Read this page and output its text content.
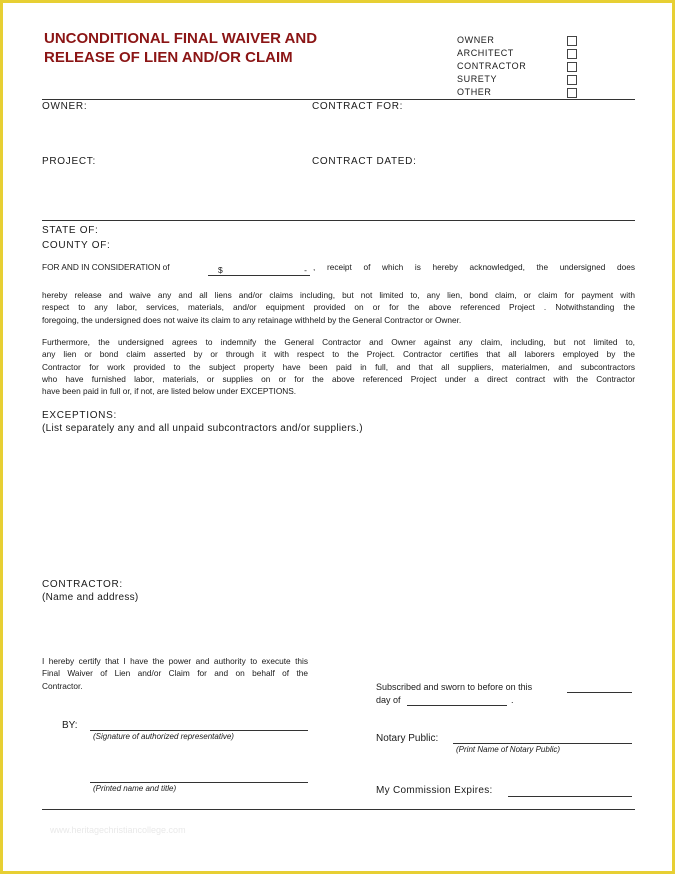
UNCONDITIONAL FINAL WAIVER AND
RELEASE OF LIEN AND/OR CLAIM
OWNER
ARCHITECT
CONTRACTOR
SURETY
OTHER
OWNER:	CONTRACT FOR:
PROJECT:	CONTRACT DATED:
STATE OF:
COUNTY OF:
FOR AND IN CONSIDERATION of	$	- , receipt of which is hereby acknowledged, the undersigned does
hereby release and waive any and all liens and/or claims including, but not limited to, any lien, bond claim, or claim for payment with
respect to any labor, services, materials, and/or equipment provided on or for the above referenced Project . Notwithstanding the
foregoing, the undersigned does not waive its claim to any retainage withheld by the General Contractor or Owner.
Furthermore, the undersigned agrees to indemnify the General Contractor and Owner against any claim, including, but not limited to,
any lien or bond claim asserted by or through it with respect to the Project. Contractor certifies that all laborers employed by the
Contractor for work provided to the subject property have been paid in full, and that all suppliers, materialmen, and subcontractors
who have furnished labor, materials, or supplies on or for the above referenced Project under a direct contract with the Contractor
have been paid in full or, if not, are listed below under EXCEPTIONS.
EXCEPTIONS:
(List separately any and all unpaid subcontractors and/or suppliers.)
CONTRACTOR:
(Name and address)
I hereby certify that I have the power and authority to execute this
Final Waiver of Lien and/or Claim for and on behalf of the
Contractor.	Subscribed and sworn to before on this
day of	.
BY:
(Signature of authorized representative)	Notary Public:
(Print Name of Notary Public)
(Printed name and title)	My Commission Expires:
www.heritagechristiancollege.com
